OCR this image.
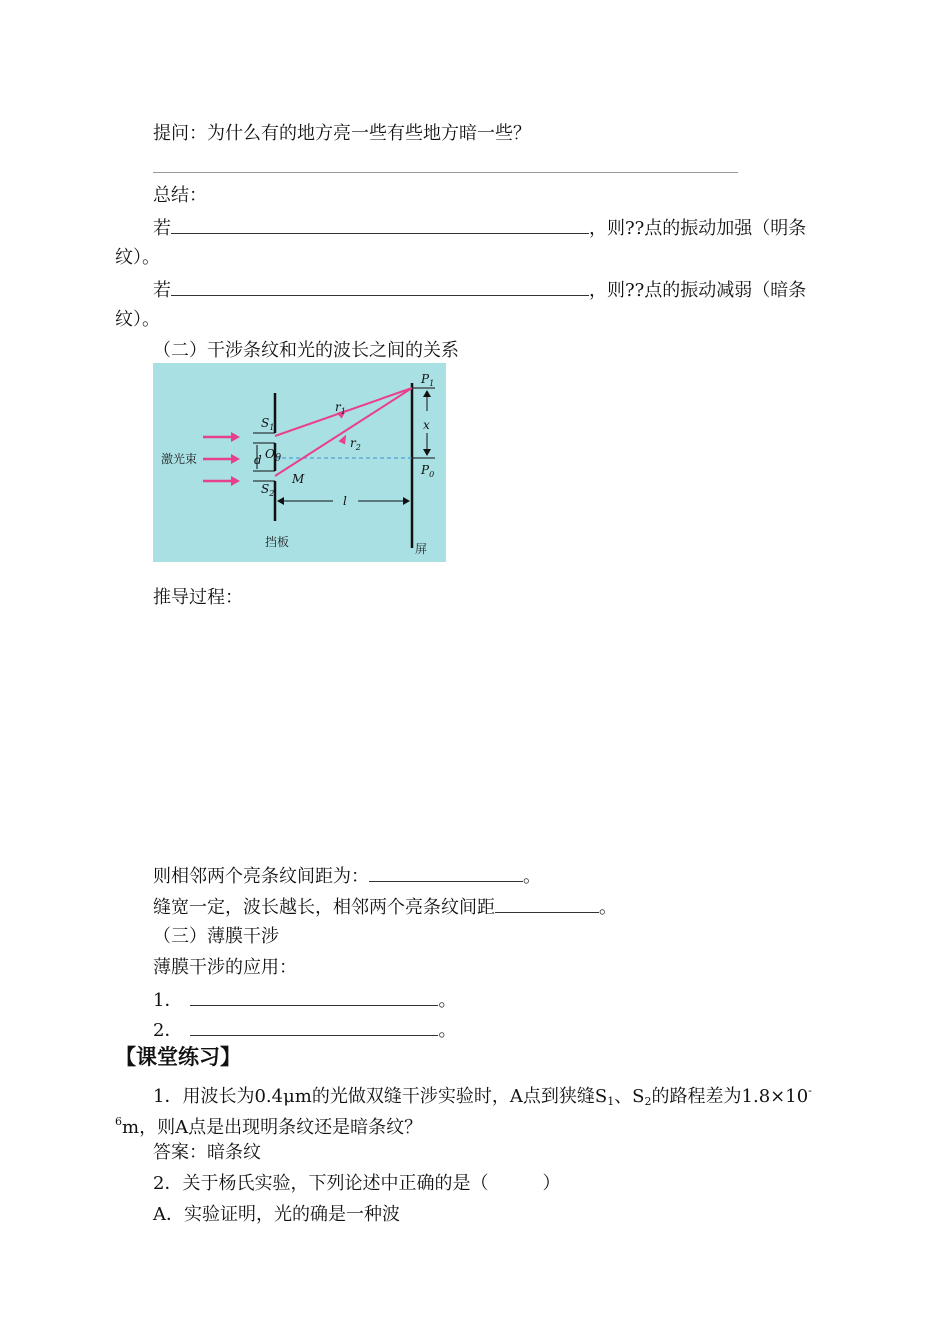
提问：为什么有的地方亮一些有些地方暗一些？
总结：
若	，则??点的振动加强（明条
纹）。
若	，则??点的振动减弱（暗条
纹）。
（二）干涉条纹和光的波长之间的关系
激光束
挡板	屏
$S_1$
$S_2$
d O θ
M
$r_1$
$r_2$
$P_1$
$P_0$
x
l
推导过程：
则相邻两个亮条纹间距为：	。
缝宽一定，波长越长，相邻两个亮条纹间距	。
（三）薄膜干涉
薄膜干涉的应用：
1．	。
2．	。
【课堂练习】
1．用波长为0.4μm的光做双缝干涉实验时，A点到狭缝$S_1$、$S_2$的路程差为1.8×10-
$^6$m，则A点是出现明条纹还是暗条纹？
答案：暗条纹
2．关于杨氏实验，下列论述中正确的是（　　　）
A．实验证明，光的确是一种波
